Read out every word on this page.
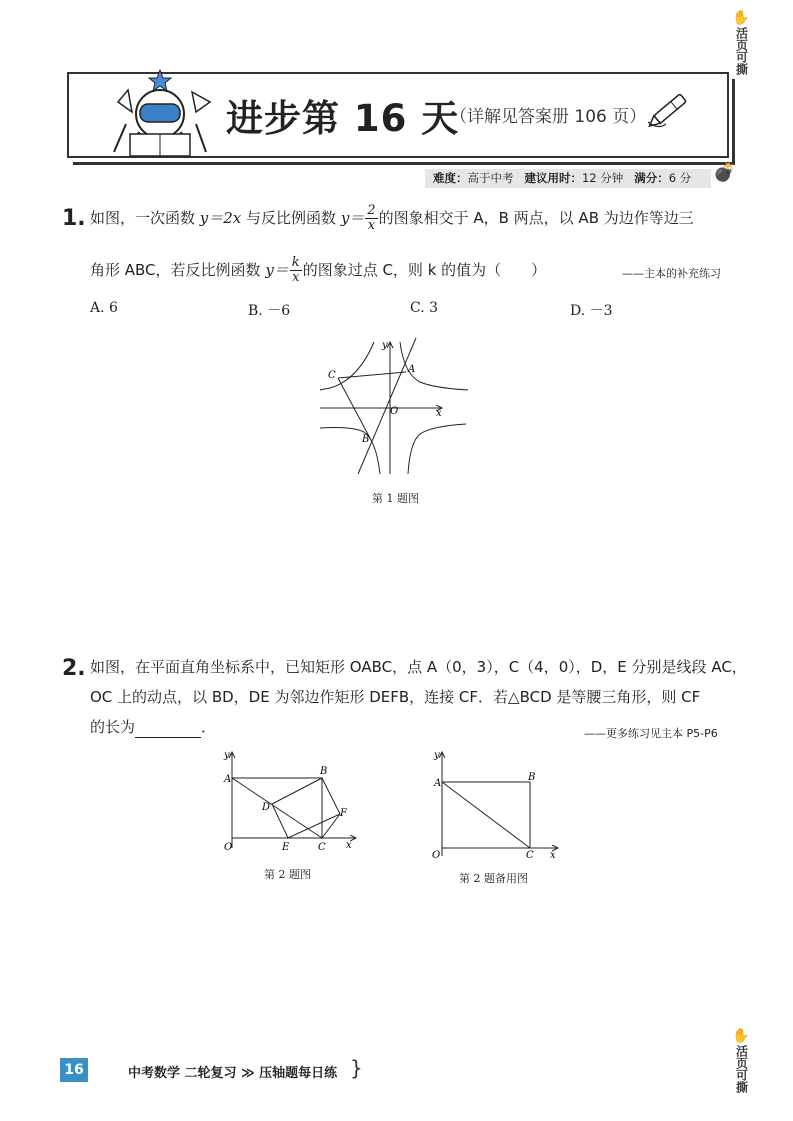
✋
活页可撕
✋
活页可撕
进步第 16 天
（详解见答案册 106 页）
难度：高于中考 建议用时：12 分钟 满分：6 分	💣
1. 如图，一次函数 y＝2x 与反比例函数 $y= \frac{2}{x}$ 的图象相交于 A，B 两点，以 AB 为边作等边三
角形 ABC，若反比例函数 $y= \frac{k}{x}$ 的图象过点 C，则 k 的值为（　　）	——主本的补充练习
A. 6	B. －6	C. 3	D. －3
y
x
O
A
B
C
第 1 题图
2. 如图，在平面直角坐标系中，已知矩形 OABC，点 A（0，3），C（4，0），D，E 分别是线段 AC，
OC 上的动点，以 BD，DE 为邻边作矩形 DEFB，连接 CF．若△BCD 是等腰三角形，则 CF
的长为	．	——更多练习见主本 P5-P6
y
x
O
A
B
C
D
E
F
第 2 题图
y
x
O
A
B
C
第 2 题备用图
16	中考数学 二轮复习 ≫ 压轴题每日练 }
